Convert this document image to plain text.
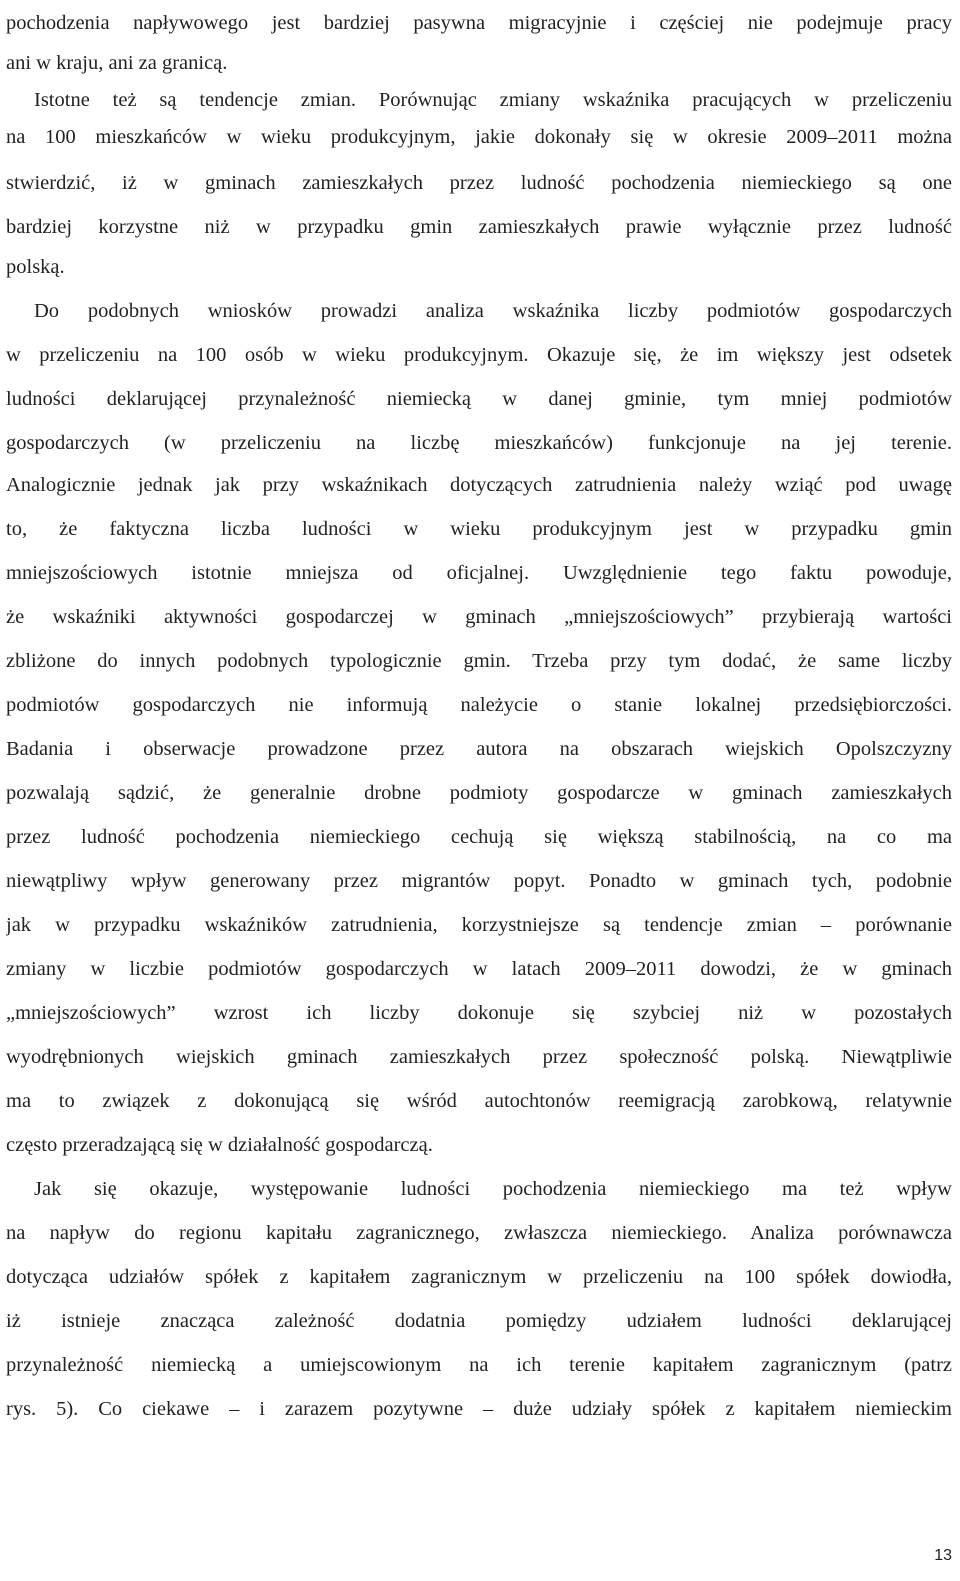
pochodzenia napływowego jest bardziej pasywna migracyjnie i częściej nie podejmuje pracy
ani w kraju, ani za granicą.
Istotne też są tendencje zmian. Porównując zmiany wskaźnika pracujących w przeliczeniu
na 100 mieszkańców w wieku produkcyjnym, jakie dokonały się w okresie 2009–2011 można
stwierdzić, iż w gminach zamieszkałych przez ludność pochodzenia niemieckiego są one
bardziej korzystne niż w przypadku gmin zamieszkałych prawie wyłącznie przez ludność
polską.
Do podobnych wniosków prowadzi analiza wskaźnika liczby podmiotów gospodarczych
w przeliczeniu na 100 osób w wieku produkcyjnym. Okazuje się, że im większy jest odsetek
ludności deklarującej przynależność niemiecką w danej gminie, tym mniej podmiotów
gospodarczych (w przeliczeniu na liczbę mieszkańców) funkcjonuje na jej terenie.
Analogicznie jednak jak przy wskaźnikach dotyczących zatrudnienia należy wziąć pod uwagę
to, że faktyczna liczba ludności w wieku produkcyjnym jest w przypadku gmin
mniejszościowych istotnie mniejsza od oficjalnej. Uwzględnienie tego faktu powoduje,
że wskaźniki aktywności gospodarczej w gminach „mniejszościowych” przybierają wartości
zbliżone do innych podobnych typologicznie gmin. Trzeba przy tym dodać, że same liczby
podmiotów gospodarczych nie informują należycie o stanie lokalnej przedsiębiorczości.
Badania i obserwacje prowadzone przez autora na obszarach wiejskich Opolszczyzny
pozwalają sądzić, że generalnie drobne podmioty gospodarcze w gminach zamieszkałych
przez ludność pochodzenia niemieckiego cechują się większą stabilnością, na co ma
niewątpliwy wpływ generowany przez migrantów popyt. Ponadto w gminach tych, podobnie
jak w przypadku wskaźników zatrudnienia, korzystniejsze są tendencje zmian – porównanie
zmiany w liczbie podmiotów gospodarczych w latach 2009–2011 dowodzi, że w gminach
„mniejszościowych” wzrost ich liczby dokonuje się szybciej niż w pozostałych
wyodrębnionych wiejskich gminach zamieszkałych przez społeczność polską. Niewątpliwie
ma to związek z dokonującą się wśród autochtonów reemigracją zarobkową, relatywnie
często przeradzającą się w działalność gospodarczą.
Jak się okazuje, występowanie ludności pochodzenia niemieckiego ma też wpływ
na napływ do regionu kapitału zagranicznego, zwłaszcza niemieckiego. Analiza porównawcza
dotycząca udziałów spółek z kapitałem zagranicznym w przeliczeniu na 100 spółek dowiodła,
iż istnieje znacząca zależność dodatnia pomiędzy udziałem ludności deklarującej
przynależność niemiecką a umiejscowionym na ich terenie kapitałem zagranicznym (patrz
rys. 5). Co ciekawe – i zarazem pozytywne – duże udziały spółek z kapitałem niemieckim
13
